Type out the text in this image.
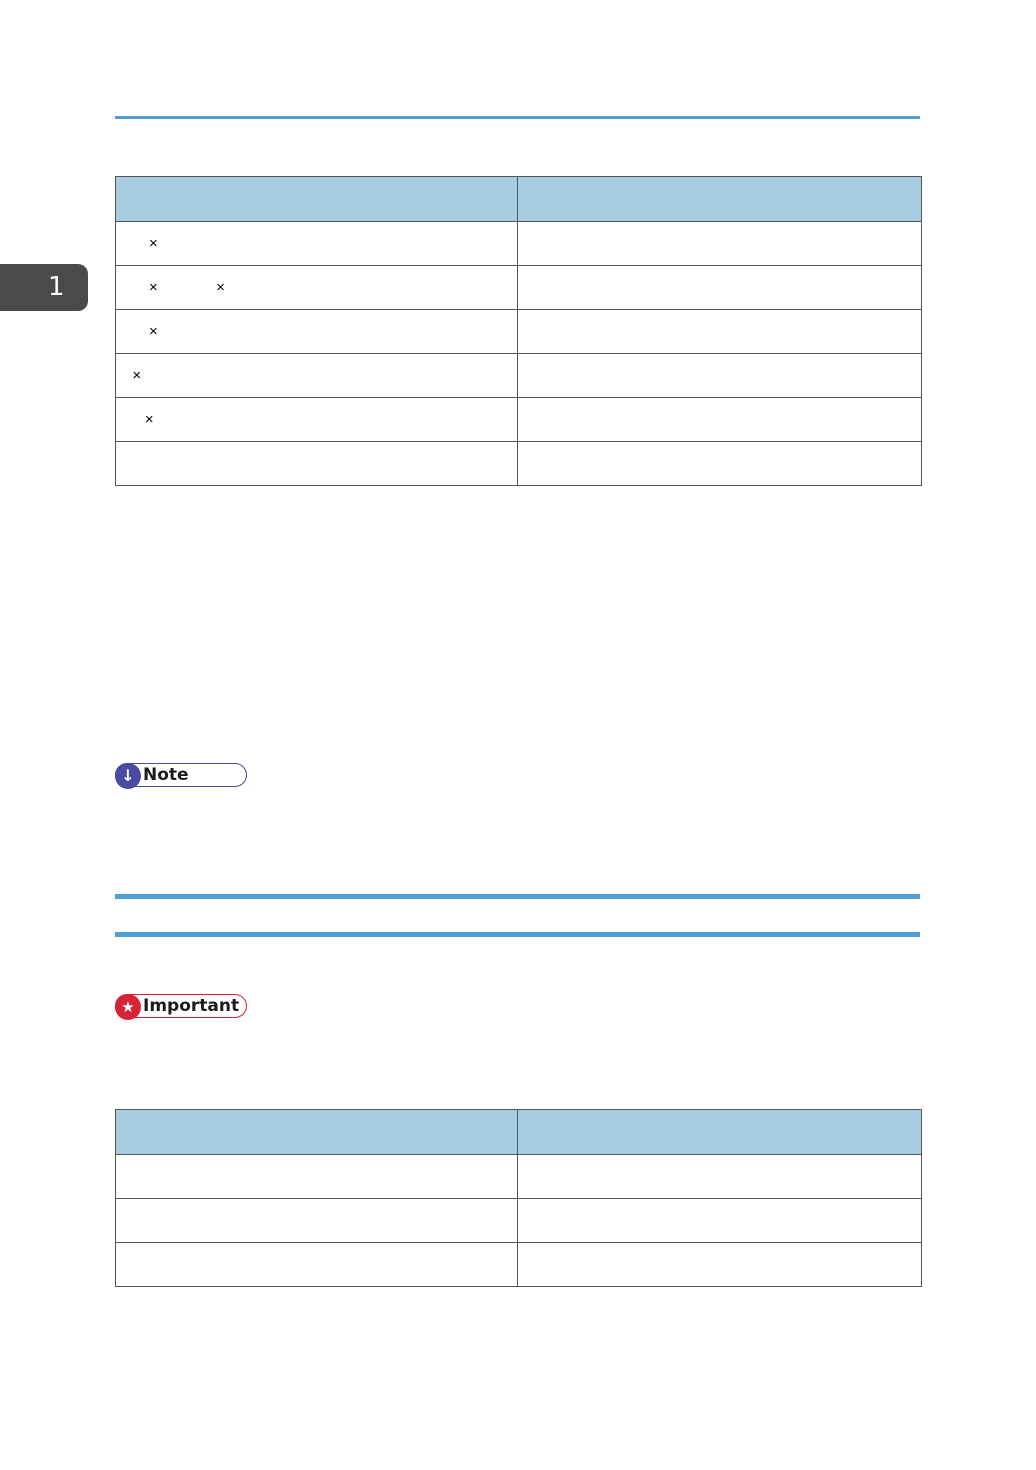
1

×	
×              ×	
×	
×	
×	

↓ Note
★ Important
